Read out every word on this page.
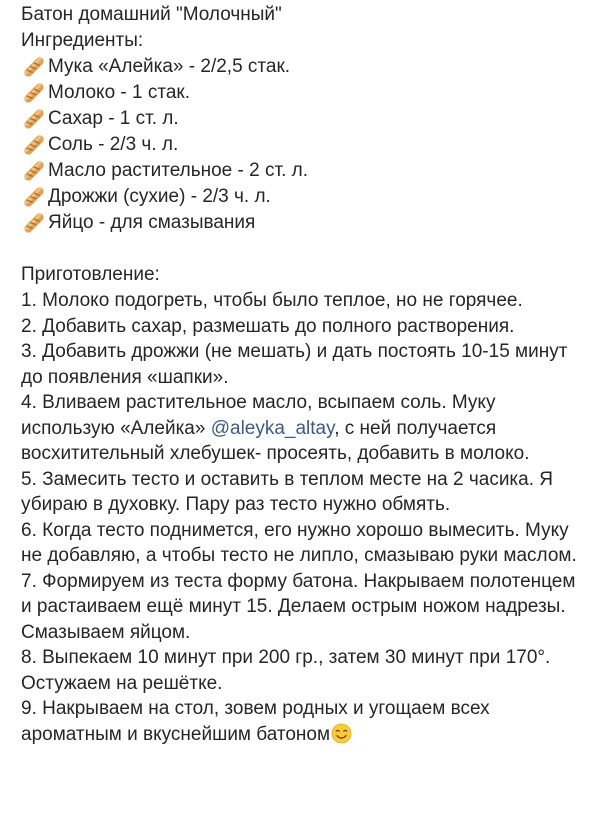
Батон домашний "Молочный"
Ингредиенты:
Мука «Алейка» - 2/2,5 стак.
Молоко - 1 стак.
Сахар - 1 ст. л.
Соль - 2/3 ч. л.
Масло растительное - 2 ст. л.
Дрожжи (сухие) - 2/3 ч. л.
Яйцо - для смазывания
Приготовление:

1. Молоко подогреть, чтобы было теплое, но не горячее.

2. Добавить сахар, размешать до полного растворения.

3. Добавить дрожжи (не мешать) и дать постоять 10-15 минут до появления «шапки».

4. Вливаем растительное масло, всыпаем соль. Муку использую «Алейка» @aleyka_altay, с ней получается восхитительный хлебушек- просеять, добавить в молоко.

5. Замесить тесто и оставить в теплом месте на 2 часика. Я убираю в духовку. Пару раз тесто нужно обмять.

6. Когда тесто поднимется, его нужно хорошо вымесить. Муку не добавляю, а чтобы тесто не липло, смазываю руки маслом.

7. Формируем из теста форму батона. Накрываем полотенцем и растаиваем ещё минут 15. Делаем острым ножом надрезы. Смазываем яйцом.

8. Выпекаем 10 минут при 200 гр., затем 30 минут при 170°. Остужаем на решётке.

9. Накрываем на стол, зовем родных и угощаем всех ароматным и вкуснейшим батоном
